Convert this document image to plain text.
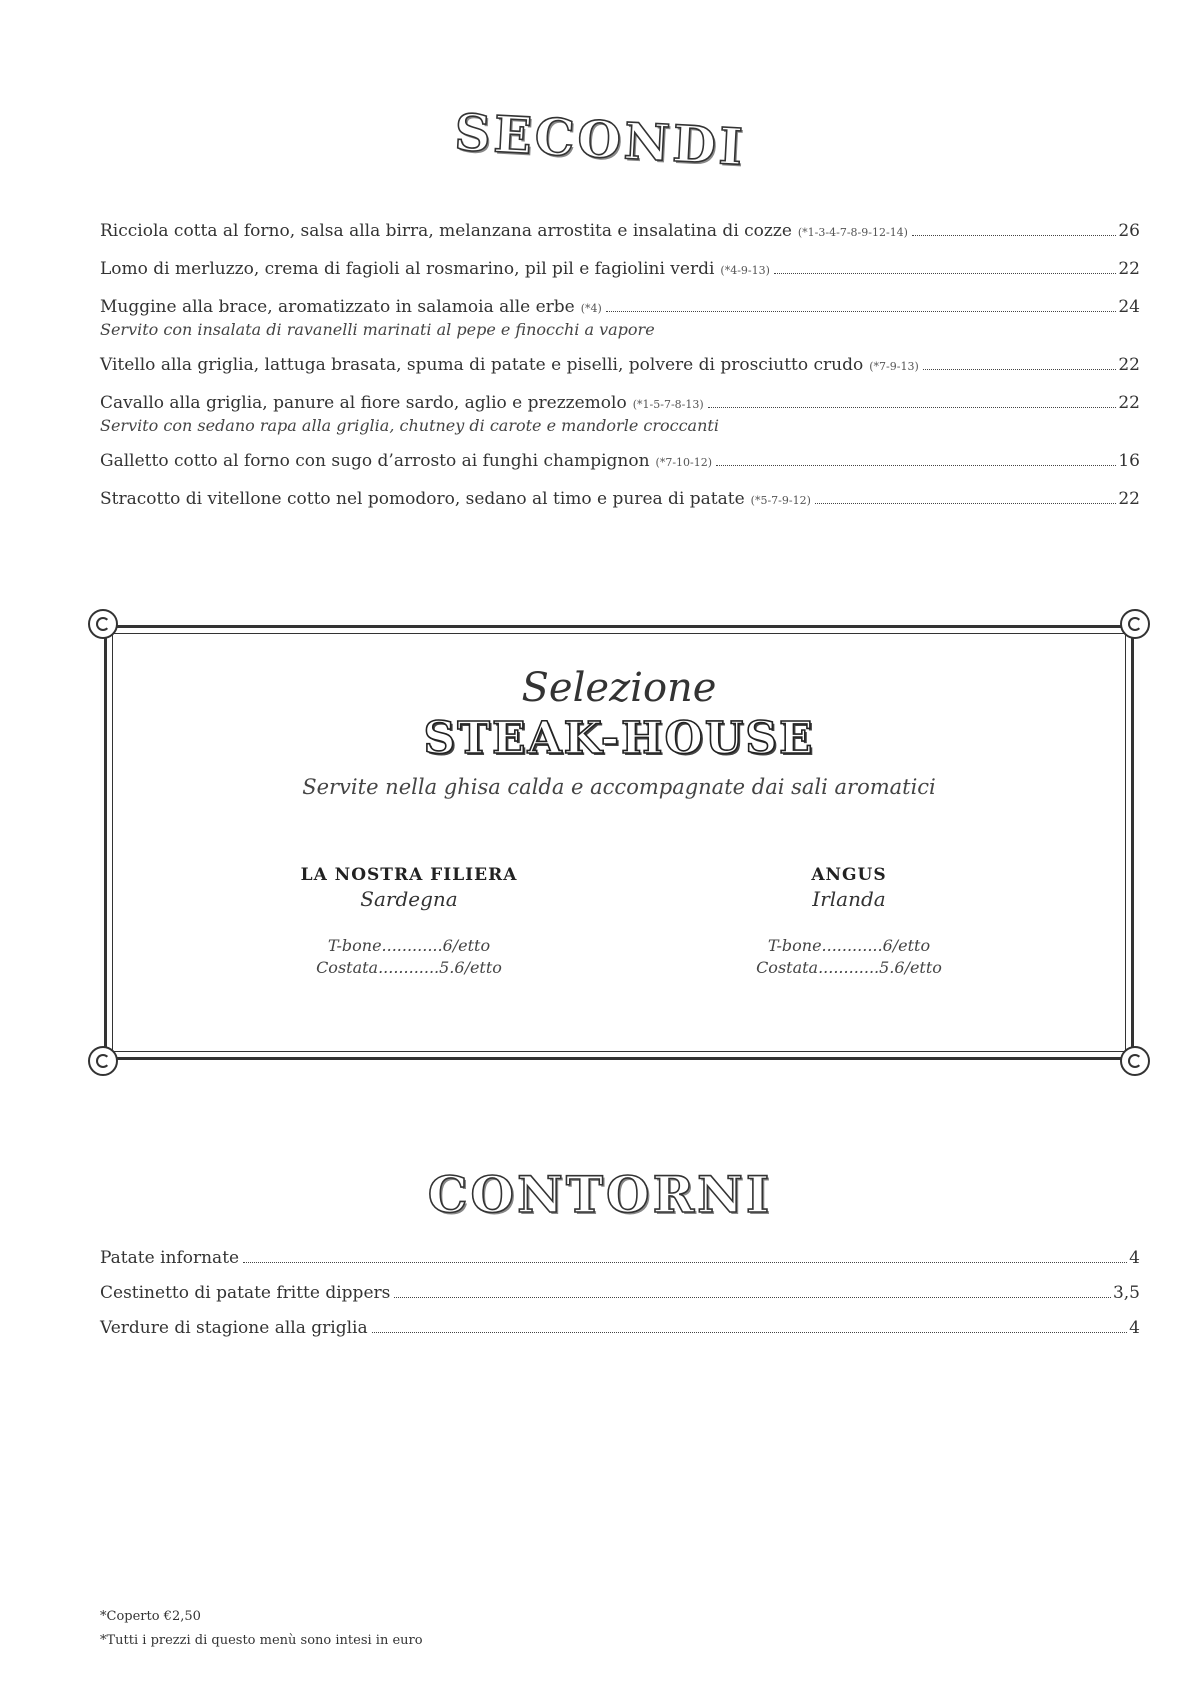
SECONDI
Ricciola cotta al forno, salsa alla birra, melanzana arrostita e insalatina di cozze (*1-3-4-7-8-9-12-14)	26
Lomo di merluzzo, crema di fagioli al rosmarino, pil pil e fagiolini verdi (*4-9-13)	22
Muggine alla brace, aromatizzato in salamoia alle erbe (*4)	24
Servito con insalata di ravanelli marinati al pepe e finocchi a vapore
Vitello alla griglia, lattuga brasata, spuma di patate e piselli, polvere di prosciutto crudo (*7-9-13)	22
Cavallo alla griglia, panure al fiore sardo, aglio e prezzemolo (*1-5-7-8-13)	22
Servito con sedano rapa alla griglia, chutney di carote e mandorle croccanti
Galletto cotto al forno con sugo d’arrosto ai funghi champignon (*7-10-12)	16
Stracotto di vitellone cotto nel pomodoro, sedano al timo e purea di patate (*5-7-9-12)	22
Selezione
STEAK-HOUSE
Servite nella ghisa calda e accompagnate dai sali aromatici
LA NOSTRA FILIERA
Sardegna
T-bone............6/etto
Costata............5.6/etto
ANGUS
Irlanda
T-bone............6/etto
Costata............5.6/etto
CONTORNI
Patate infornate	4
Cestinetto di patate fritte dippers	3,5
Verdure di stagione alla griglia	4
*Coperto €2,50
*Tutti i prezzi di questo menù sono intesi in euro
